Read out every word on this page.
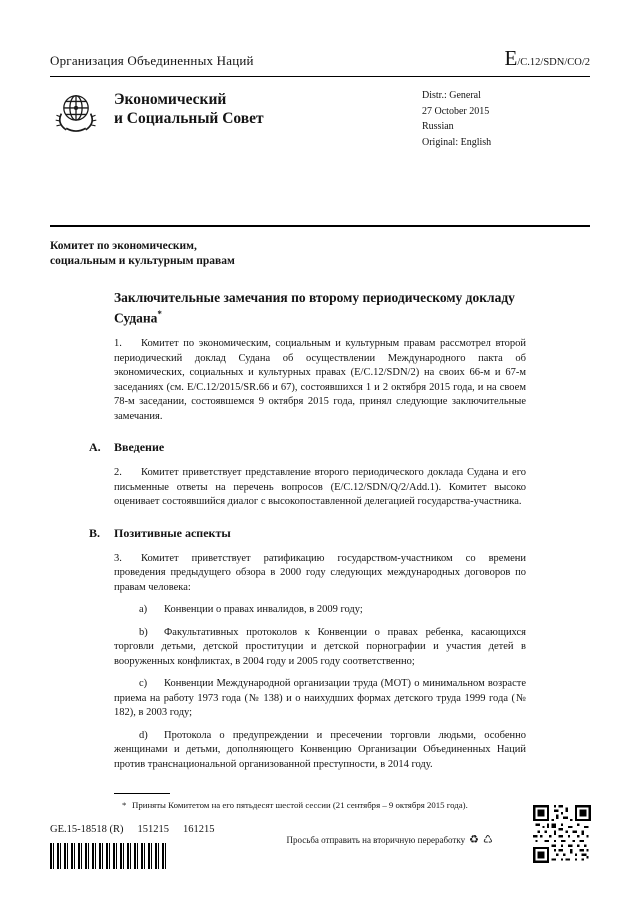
Организация Объединенных Наций	E/C.12/SDN/CO/2
Экономический
и Социальный Совет
Distr.: General
27 October 2015
Russian
Original: English
Комитет по экономическим,
социальным и культурным правам
Заключительные замечания по второму периодическому докладу Судана*

1. Комитет по экономическим, социальным и культурным правам рассмотрел второй периодический доклад Судана об осуществлении Международного пакта об экономических, социальных и культурных правах (E/C.12/SDN/2) на своих 66-м и 67-м заседаниях (см. E/C.12/2015/SR.66 и 67), состоявшихся 1 и 2 октября 2015 года, и на своем 78-м заседании, состоявшемся 9 октября 2015 года, принял следующие заключительные замечания.

A. Введение

2. Комитет приветствует представление второго периодического доклада Судана и его письменные ответы на перечень вопросов (E/C.12/SDN/Q/2/Add.1). Комитет высоко оценивает состоявшийся диалог с высокопоставленной делегацией государства-участника.

B. Позитивные аспекты

3. Комитет приветствует ратификацию государством-участником со времени проведения предыдущего обзора в 2000 году следующих международных договоров по правам человека:

a) Конвенции о правах инвалидов, в 2009 году;

b) Факультативных протоколов к Конвенции о правах ребенка, касающихся торговли детьми, детской проституции и детской порнографии и участия детей в вооруженных конфликтах, в 2004 году и 2005 году соответственно;

c) Конвенции Международной организации труда (МОТ) о минимальном возрасте приема на работу 1973 года (№ 138) и о наихудших формах детского труда 1999 года (№ 182), в 2003 году;

d) Протокола о предупреждении и пресечении торговли людьми, особенно женщинами и детьми, дополняющего Конвенцию Организации Объединенных Наций против транснациональной организованной преступности, в 2014 году.

* Приняты Комитетом на его пятьдесят шестой сессии (21 сентября – 9 октября 2015 года).
GE.15-18518 (R) 151215 161215
Просьба отправить на вторичную переработку ♻ ♺
